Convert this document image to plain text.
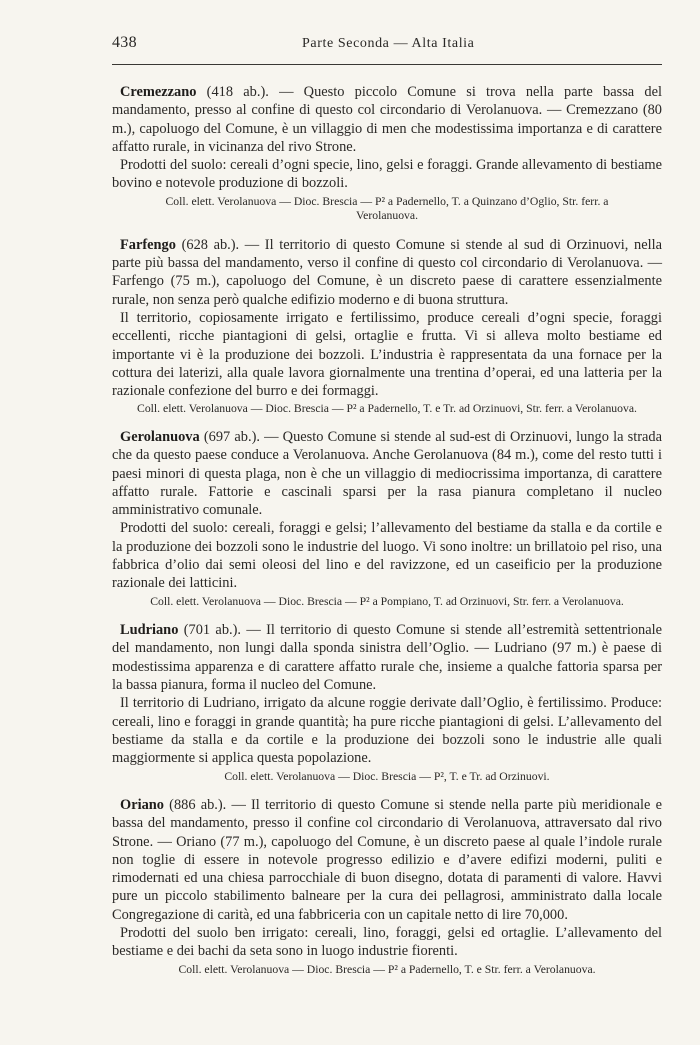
438	Parte Seconda — Alta Italia

Cremezzano (418 ab.). — Questo piccolo Comune si trova nella parte bassa del mandamento, presso al confine di questo col circondario di Verolanuova. — Cremezzano (80 m.), capoluogo del Comune, è un villaggio di men che modestissima importanza e di carattere affatto rurale, in vicinanza del rivo Strone.

Prodotti del suolo: cereali d’ogni specie, lino, gelsi e foraggi. Grande allevamento di bestiame bovino e notevole produzione di bozzoli.

Coll. elett. Verolanuova — Dioc. Brescia — P² a Padernello, T. a Quinzano d’Oglio, Str. ferr. a Verolanuova.

Farfengo (628 ab.). — Il territorio di questo Comune si stende al sud di Orzinuovi, nella parte più bassa del mandamento, verso il confine di questo col circondario di Verolanuova. — Farfengo (75 m.), capoluogo del Comune, è un discreto paese di carattere essenzialmente rurale, non senza però qualche edifizio moderno e di buona struttura.

Il territorio, copiosamente irrigato e fertilissimo, produce cereali d’ogni specie, foraggi eccellenti, ricche piantagioni di gelsi, ortaglie e frutta. Vi si alleva molto bestiame ed importante vi è la produzione dei bozzoli. L’industria è rappresentata da una fornace per la cottura dei laterizi, alla quale lavora giornalmente una trentina d’operai, ed una latteria per la razionale confezione del burro e dei formaggi.

Coll. elett. Verolanuova — Dioc. Brescia — P² a Padernello, T. e Tr. ad Orzinuovi, Str. ferr. a Verolanuova.

Gerolanuova (697 ab.). — Questo Comune si stende al sud-est di Orzinuovi, lungo la strada che da questo paese conduce a Verolanuova. Anche Gerolanuova (84 m.), come del resto tutti i paesi minori di questa plaga, non è che un villaggio di mediocrissima importanza, di carattere affatto rurale. Fattorie e cascinali sparsi per la rasa pianura completano il nucleo amministrativo comunale.

Prodotti del suolo: cereali, foraggi e gelsi; l’allevamento del bestiame da stalla e da cortile e la produzione dei bozzoli sono le industrie del luogo. Vi sono inoltre: un brillatoio pel riso, una fabbrica d’olio dai semi oleosi del lino e del ravizzone, ed un caseificio per la produzione razionale dei latticini.

Coll. elett. Verolanuova — Dioc. Brescia — P² a Pompiano, T. ad Orzinuovi, Str. ferr. a Verolanuova.

Ludriano (701 ab.). — Il territorio di questo Comune si stende all’estremità settentrionale del mandamento, non lungi dalla sponda sinistra dell’Oglio. — Ludriano (97 m.) è paese di modestissima apparenza e di carattere affatto rurale che, insieme a qualche fattoria sparsa per la bassa pianura, forma il nucleo del Comune.

Il territorio di Ludriano, irrigato da alcune roggie derivate dall’Oglio, è fertilissimo. Produce: cereali, lino e foraggi in grande quantità; ha pure ricche piantagioni di gelsi. L’allevamento del bestiame da stalla e da cortile e la produzione dei bozzoli sono le industrie alle quali maggiormente si applica questa popolazione.

Coll. elett. Verolanuova — Dioc. Brescia — P², T. e Tr. ad Orzinuovi.

Oriano (886 ab.). — Il territorio di questo Comune si stende nella parte più meridionale e bassa del mandamento, presso il confine col circondario di Verolanuova, attraversato dal rivo Strone. — Oriano (77 m.), capoluogo del Comune, è un discreto paese al quale l’indole rurale non toglie di essere in notevole progresso edilizio e d’avere edifizi moderni, puliti e rimodernati ed una chiesa parrocchiale di buon disegno, dotata di paramenti di valore. Havvi pure un piccolo stabilimento balneare per la cura dei pellagrosi, amministrato dalla locale Congregazione di carità, ed una fabbriceria con un capitale netto di lire 70,000.

Prodotti del suolo ben irrigato: cereali, lino, foraggi, gelsi ed ortaglie. L’allevamento del bestiame e dei bachi da seta sono in luogo industrie fiorenti.

Coll. elett. Verolanuova — Dioc. Brescia — P² a Padernello, T. e Str. ferr. a Verolanuova.
